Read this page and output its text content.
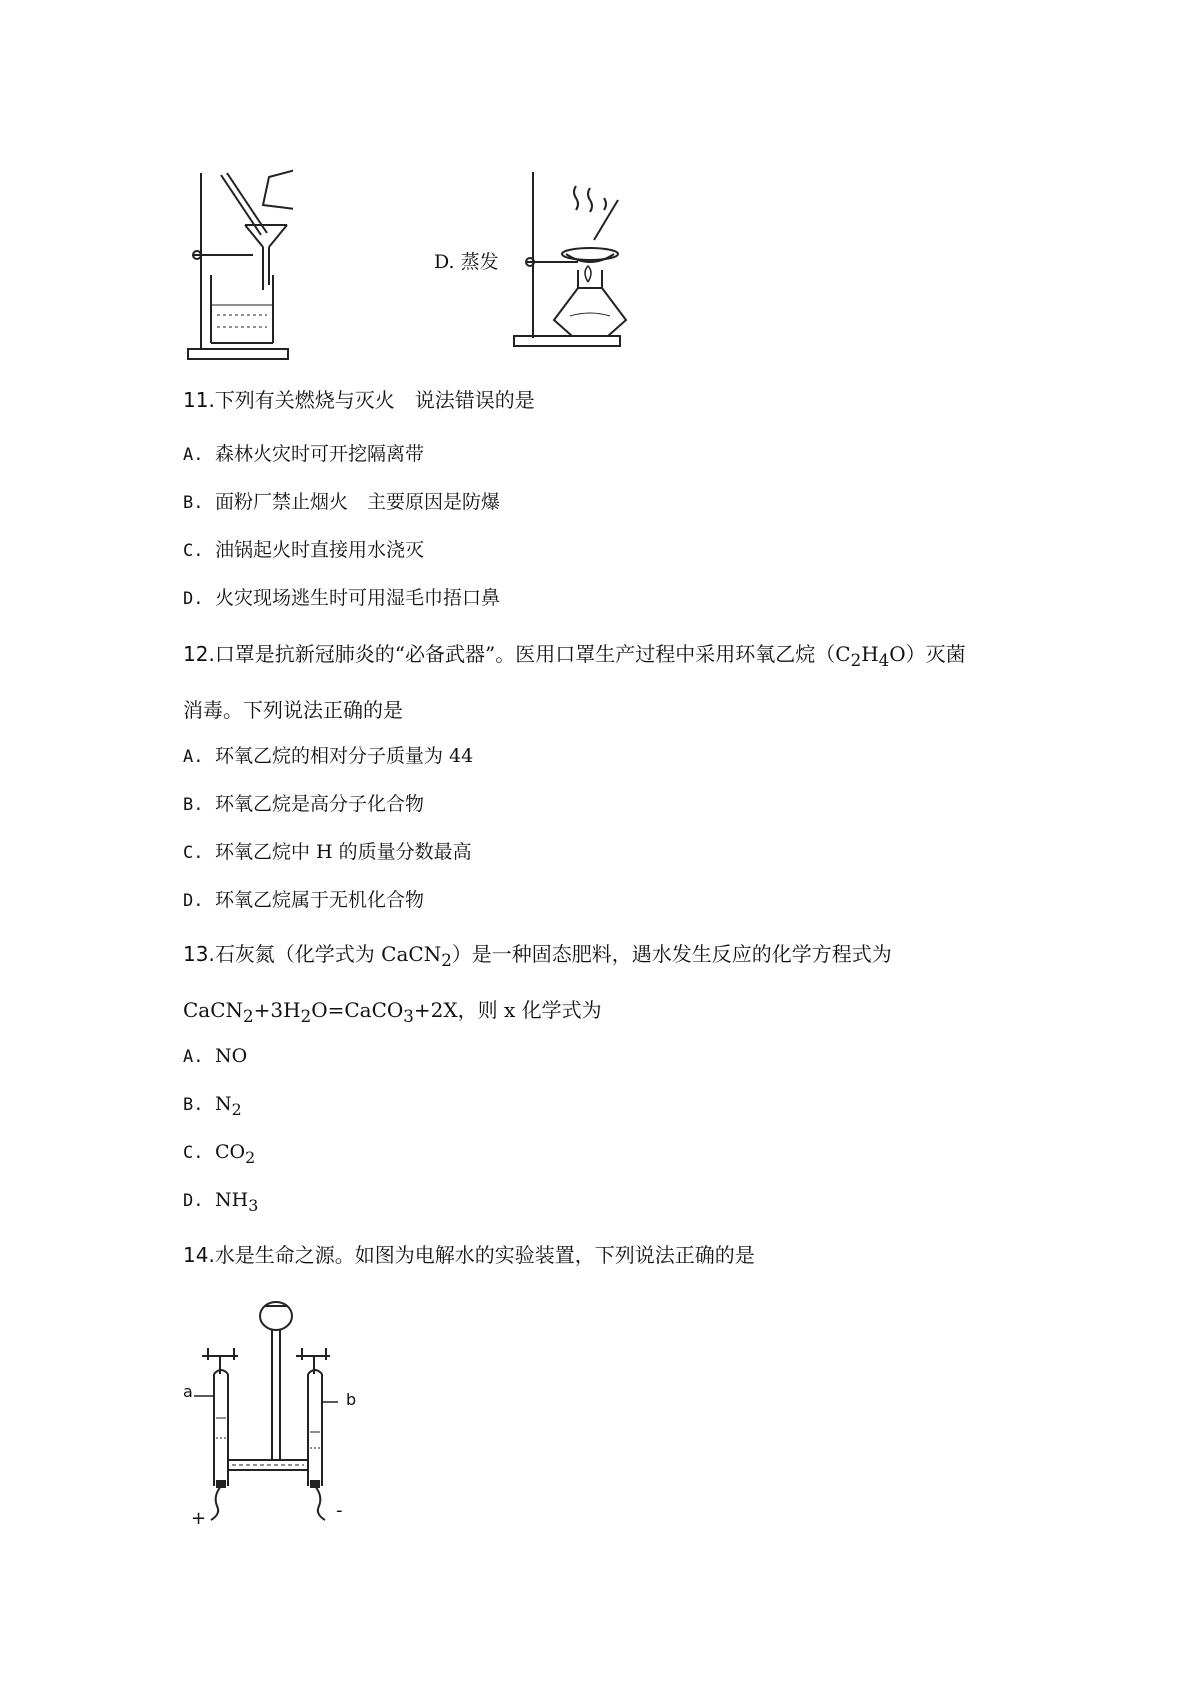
D. 蒸发
11.下列有关燃烧与灭火　说法错误的是
A. 森林火灾时可开挖隔离带
B. 面粉厂禁止烟火　主要原因是防爆
C. 油锅起火时直接用水浇灭
D. 火灾现场逃生时可用湿毛巾捂口鼻
12.口罩是抗新冠肺炎的“必备武器”。医用口罩生产过程中采用环氧乙烷$(C_2H_4O)$灭菌
消毒。下列说法正确的是
A. 环氧乙烷的相对分子质量为 44
B. 环氧乙烷是高分子化合物
C. 环氧乙烷中 H 的质量分数最高
D. 环氧乙烷属于无机化合物
13.石灰氮（化学式为 CaCN$_2$）是一种固态肥料，遇水发生反应的化学方程式为
$CaCN_2+3H_2O=CaCO_3+2X$，则 x 化学式为
A. NO
B. $N_2$
C. $CO_2$
D. $NH_3$
14.水是生命之源。如图为电解水的实验装置，下列说法正确的是
a	b
+	-
